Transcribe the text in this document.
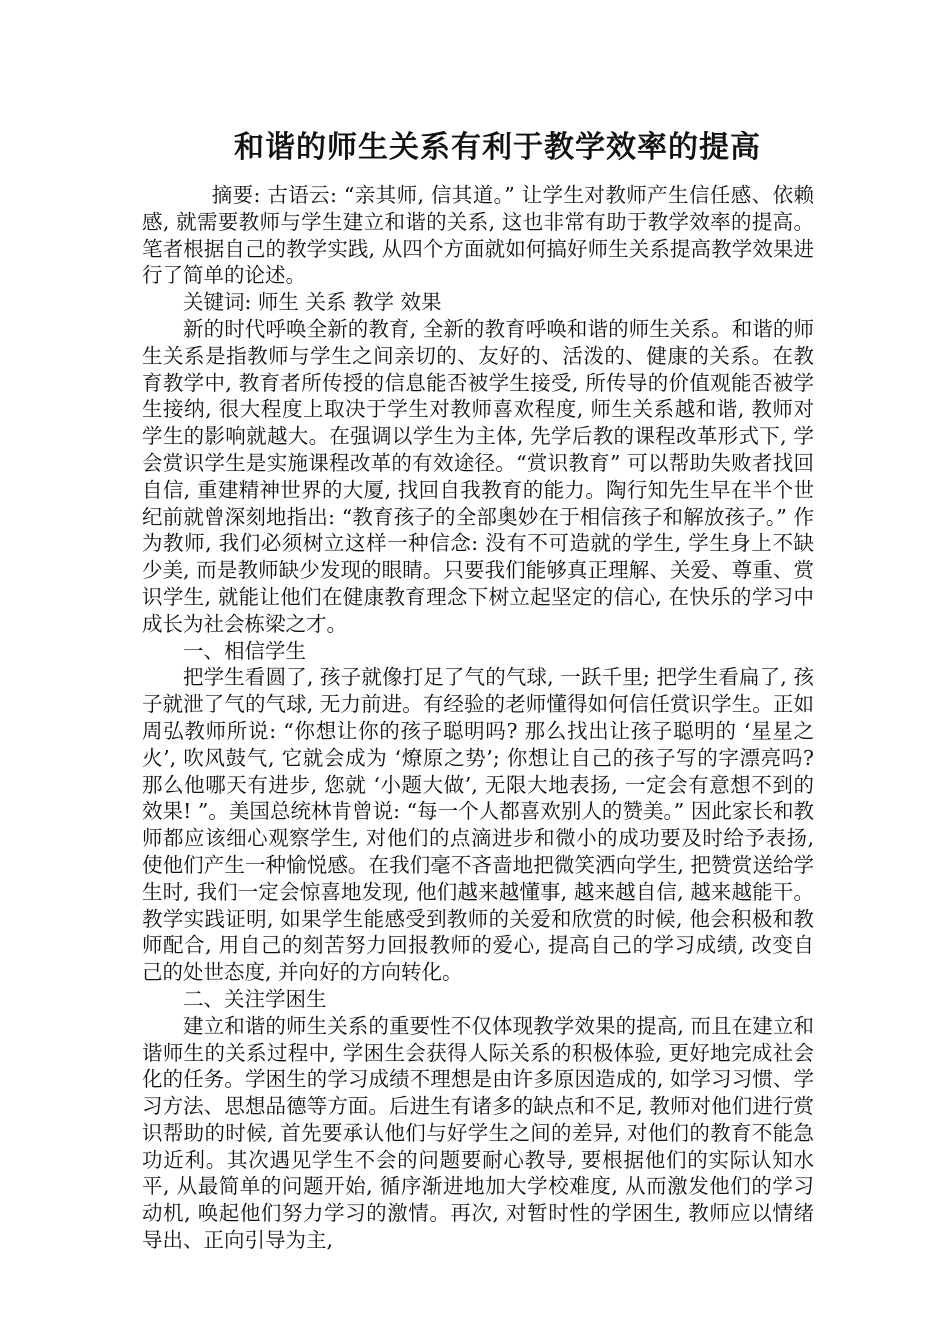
和谐的师生关系有利于教学效率的提高

摘要: 古语云: “亲其师, 信其道。” 让学生对教师产生信任感、依赖感, 就需要教师与学生建立和谐的关系, 这也非常有助于教学效率的提高。笔者根据自己的教学实践, 从四个方面就如何搞好师生关系提高教学效果进行了简单的论述。

关键词: 师生 关系 教学 效果

新的时代呼唤全新的教育, 全新的教育呼唤和谐的师生关系。和谐的师生关系是指教师与学生之间亲切的、友好的、活泼的、健康的关系。在教育教学中, 教育者所传授的信息能否被学生接受, 所传导的价值观能否被学生接纳, 很大程度上取决于学生对教师喜欢程度, 师生关系越和谐, 教师对学生的影响就越大。在强调以学生为主体, 先学后教的课程改革形式下, 学会赏识学生是实施课程改革的有效途径。“赏识教育” 可以帮助失败者找回自信, 重建精神世界的大厦, 找回自我教育的能力。陶行知先生早在半个世纪前就曾深刻地指出: “教育孩子的全部奥妙在于相信孩子和解放孩子。” 作为教师, 我们必须树立这样一种信念: 没有不可造就的学生, 学生身上不缺少美, 而是教师缺少发现的眼睛。只要我们能够真正理解、关爱、尊重、赏识学生, 就能让他们在健康教育理念下树立起坚定的信心, 在快乐的学习中成长为社会栋梁之才。

一、相信学生

把学生看圆了, 孩子就像打足了气的气球, 一跃千里; 把学生看扁了, 孩子就泄了气的气球, 无力前进。有经验的老师懂得如何信任赏识学生。正如周弘教师所说: “你想让你的孩子聪明吗? 那么找出让孩子聪明的 ‘星星之火’, 吹风鼓气, 它就会成为 ‘燎原之势’; 你想让自己的孩子写的字漂亮吗? 那么他哪天有进步, 您就 ‘小题大做’, 无限大地表扬, 一定会有意想不到的效果! ”。美国总统林肯曾说: “每一个人都喜欢别人的赞美。” 因此家长和教师都应该细心观察学生, 对他们的点滴进步和微小的成功要及时给予表扬, 使他们产生一种愉悦感。在我们毫不吝啬地把微笑洒向学生, 把赞赏送给学生时, 我们一定会惊喜地发现, 他们越来越懂事, 越来越自信, 越来越能干。教学实践证明, 如果学生能感受到教师的关爱和欣赏的时候, 他会积极和教师配合, 用自己的刻苦努力回报教师的爱心, 提高自己的学习成绩, 改变自己的处世态度, 并向好的方向转化。

二、关注学困生

建立和谐的师生关系的重要性不仅体现教学效果的提高, 而且在建立和谐师生的关系过程中, 学困生会获得人际关系的积极体验, 更好地完成社会化的任务。学困生的学习成绩不理想是由许多原因造成的, 如学习习惯、学习方法、思想品德等方面。后进生有诸多的缺点和不足, 教师对他们进行赏识帮助的时候, 首先要承认他们与好学生之间的差异, 对他们的教育不能急功近利。其次遇见学生不会的问题要耐心教导, 要根据他们的实际认知水平, 从最简单的问题开始, 循序渐进地加大学校难度, 从而激发他们的学习动机, 唤起他们努力学习的激情。再次, 对暂时性的学困生, 教师应以情绪导出、正向引导为主,
